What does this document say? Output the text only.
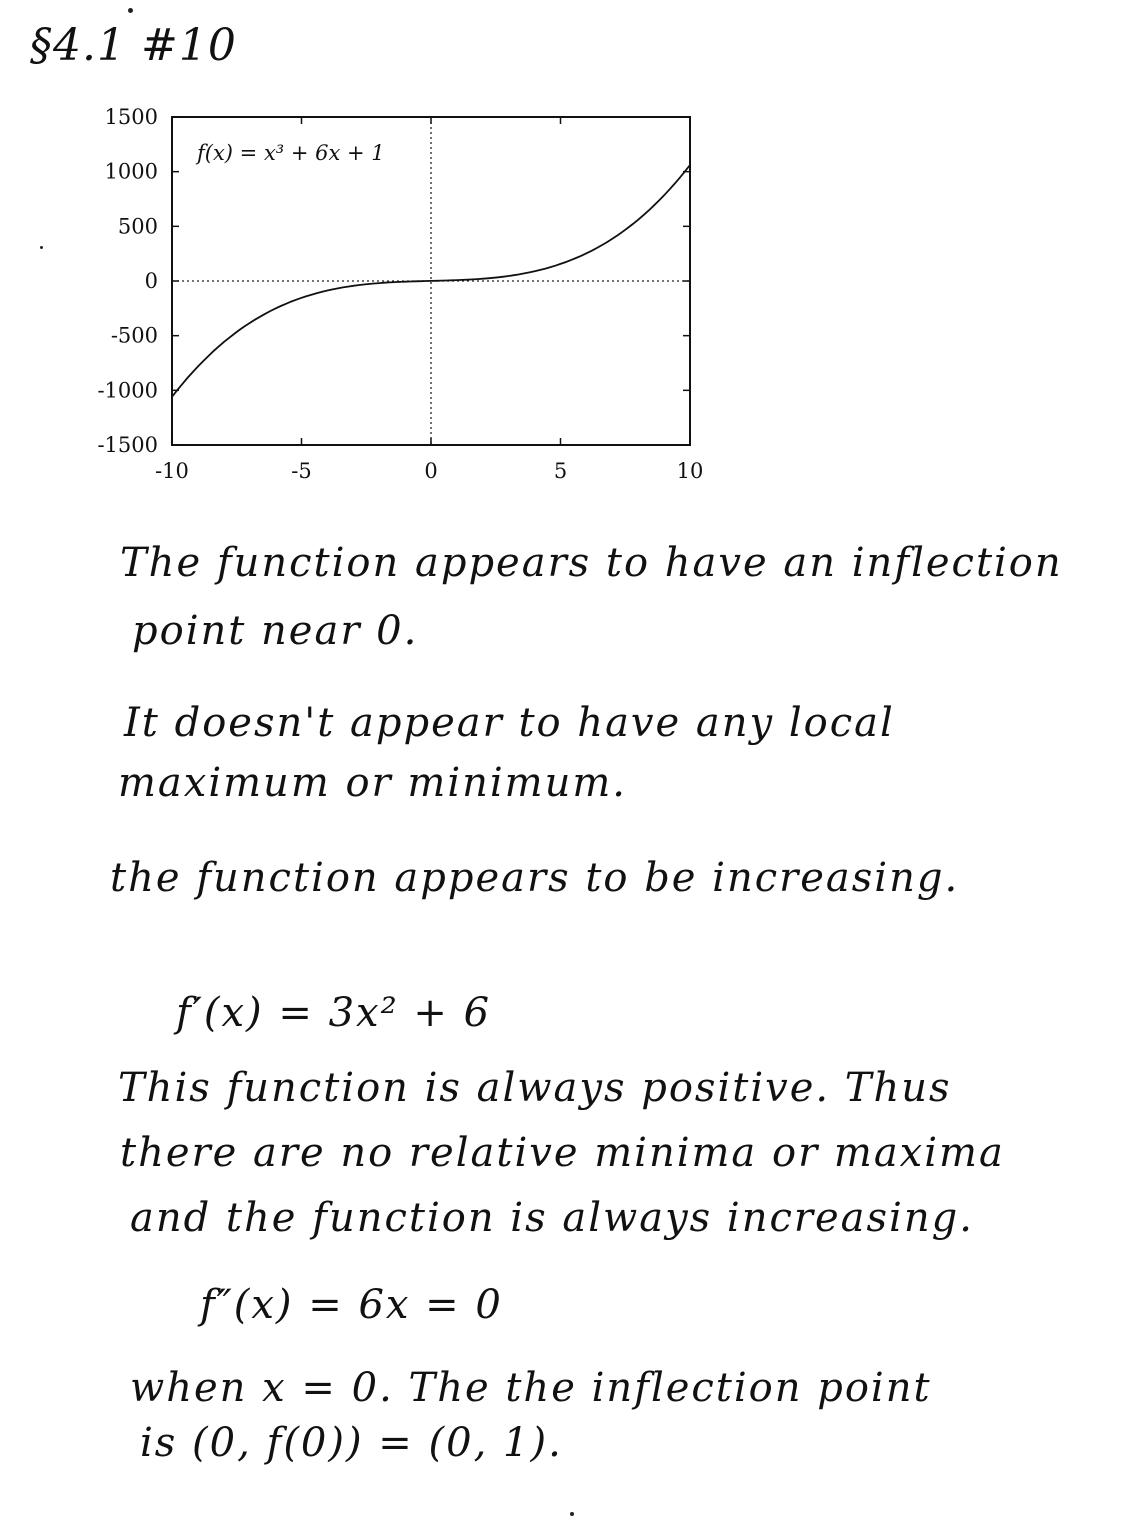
§4.1 #10
-10	-5	0	5	10
1500
1000
500
0
-500
-1000
-1500
f(x) = x³ + 6x + 1
The function appears to have an inflection
point near 0.
It doesn't appear to have any local
maximum or minimum.
the function appears to be increasing.
f′(x) = 3x² + 6
This function is always positive. Thus
there are no relative minima or maxima
and the function is always increasing.
f″(x) = 6x = 0
when x = 0. The the inflection point
is (0, f(0)) = (0, 1).
